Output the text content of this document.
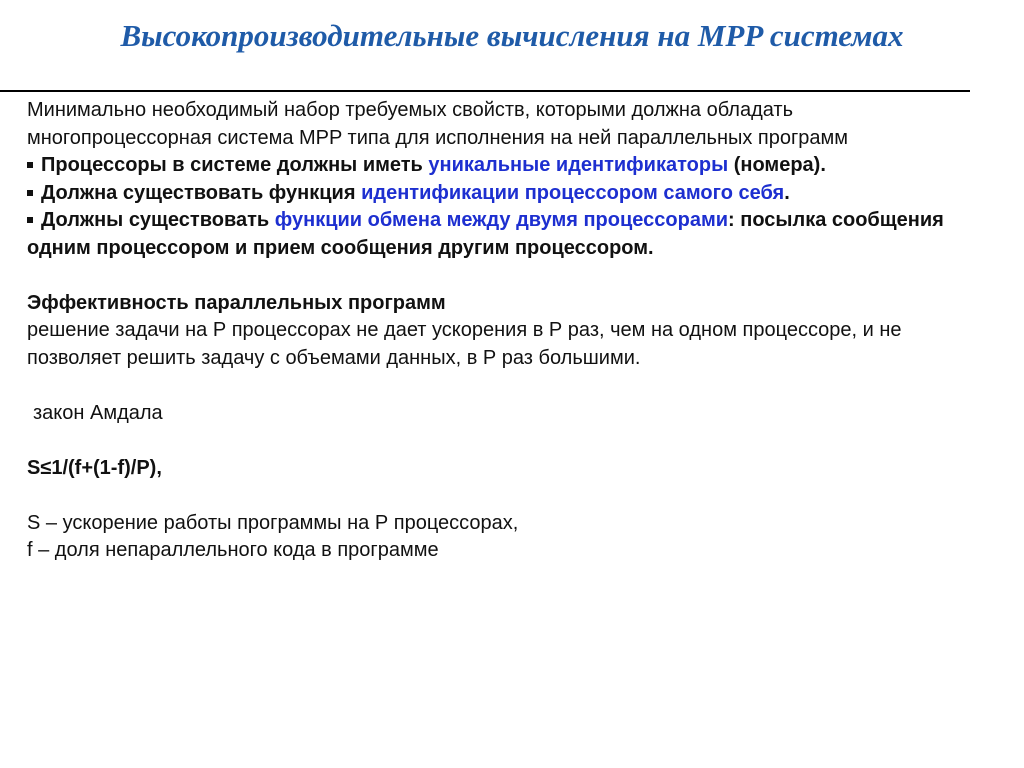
Высокопроизводительные вычисления на MPP системах

Минимально необходимый набор требуемых свойств, которыми должна обладать многопроцессорная система MPP типа для исполнения на ней параллельных программ

Процессоры в системе должны иметь уникальные идентификаторы (номера).

Должна существовать функция идентификации процессором самого себя.

Должны существовать функции обмена между двумя процессорами: посылка сообщения одним процессором и прием сообщения другим процессором.

Эффективность параллельных программ

решение задачи на Р процессорах не дает ускорения в Р раз, чем на одном процессоре, и не позволяет решить задачу с объемами данных, в Р раз большими.

закон Амдала

S≤1/(f+(1-f)/P),

S – ускорение работы программы на Р процессорах,

f – доля непараллельного кода в программе
